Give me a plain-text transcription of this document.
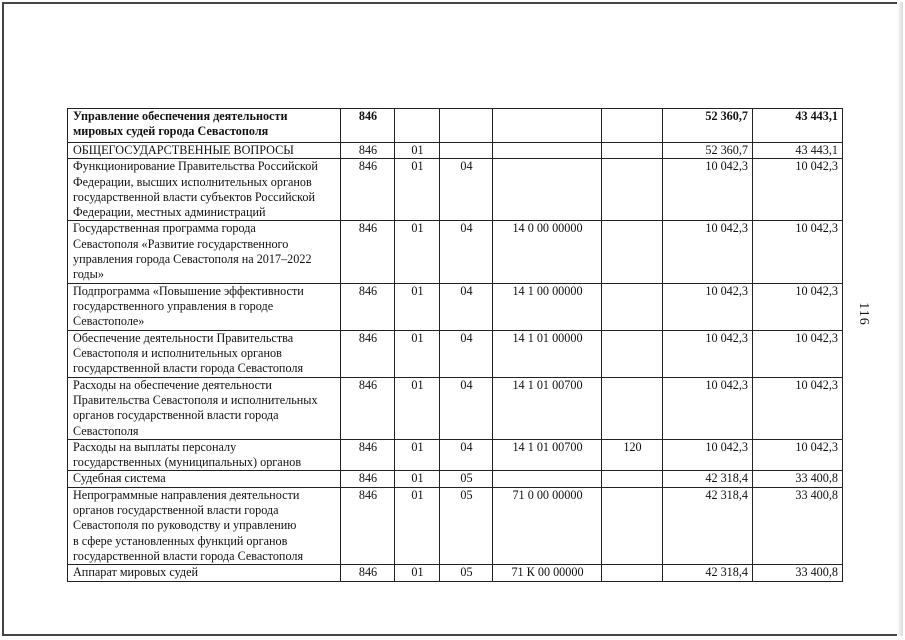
116
Управление обеспечения деятельности
мировых судей города Севастополя	846					52 360,7	43 443,1
ОБЩЕГОСУДАРСТВЕННЫЕ ВОПРОСЫ	846	01				52 360,7	43 443,1
Функционирование Правительства Российской
Федерации, высших исполнительных органов
государственной власти субъектов Российской
Федерации, местных администраций	846	01	04			10 042,3	10 042,3
Государственная программа города
Севастополя «Развитие государственного
управления города Севастополя на 2017–2022
годы»	846	01	04	14 0 00 00000		10 042,3	10 042,3
Подпрограмма «Повышение эффективности
государственного управления в городе
Севастополе»	846	01	04	14 1 00 00000		10 042,3	10 042,3
Обеспечение деятельности Правительства
Севастополя и исполнительных органов
государственной власти города Севастополя	846	01	04	14 1 01 00000		10 042,3	10 042,3
Расходы на обеспечение деятельности
Правительства Севастополя и исполнительных
органов государственной власти города
Севастополя	846	01	04	14 1 01 00700		10 042,3	10 042,3
Расходы на выплаты персоналу
государственных (муниципальных) органов	846	01	04	14 1 01 00700	120	10 042,3	10 042,3
Судебная система	846	01	05			42 318,4	33 400,8
Непрограммные направления деятельности
органов государственной власти города
Севастополя по руководству и управлению
в сфере установленных функций органов
государственной власти города Севастополя	846	01	05	71 0 00 00000		42 318,4	33 400,8
Аппарат мировых судей	846	01	05	71 К 00 00000		42 318,4	33 400,8
